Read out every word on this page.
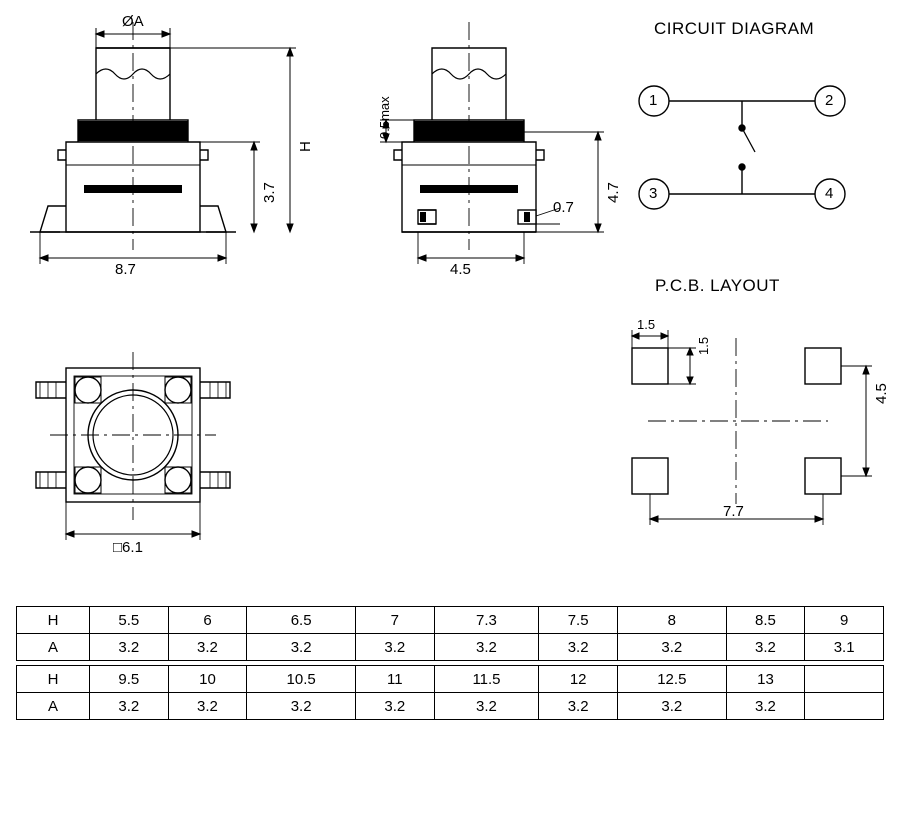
CIRCUIT DIAGRAM
P.C.B. LAYOUT
ØA
H
3.7
8.7
0.5max
4.7
0.7
4.5
1	2
3	4
□6.1
1.5
1.5
4.5
7.7
H	5.5	6	6.5	7	7.3	7.5	8	8.5	9
A	3.2	3.2	3.2	3.2	3.2	3.2	3.2	3.2	3.1

H	9.5	10	10.5	11	11.5	12	12.5	13	
A	3.2	3.2	3.2	3.2	3.2	3.2	3.2	3.2	
